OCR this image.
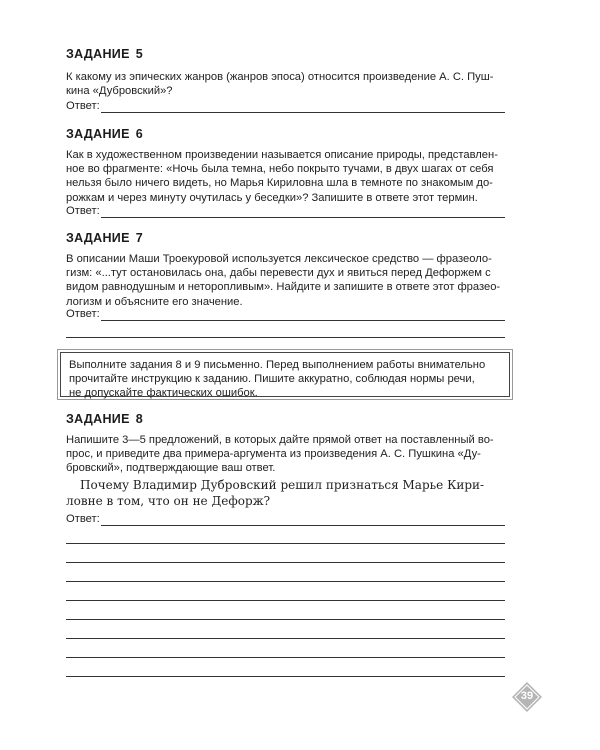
ЗАДАНИЕ 5
К какому из эпических жанров (жанров эпоса) относится произведение А. С. Пуш-
кина «Дубровский»?
Ответ:
ЗАДАНИЕ 6
Как в художественном произведении называется описание природы, представлен-
ное во фрагменте: «Ночь была темна, небо покрыто тучами, в двух шагах от себя
нельзя было ничего видеть, но Марья Кириловна шла в темноте по знакомым до-
рожкам и через минуту очутилась у беседки»? Запишите в ответе этот термин.
Ответ:
ЗАДАНИЕ 7
В описании Маши Троекуровой используется лексическое средство — фразеоло-
гизм: «...тут остановилась она, дабы перевести дух и явиться перед Дефоржем с
видом равнодушным и неторопливым». Найдите и запишите в ответе этот фразео-
логизм и объясните его значение.
Ответ:
Выполните задания 8 и 9 письменно. Перед выполнением работы внимательно
прочитайте инструкцию к заданию. Пишите аккуратно, соблюдая нормы речи,
не допускайте фактических ошибок.
ЗАДАНИЕ 8
Напишите 3—5 предложений, в которых дайте прямой ответ на поставленный во-
прос, и приведите два примера-аргумента из произведения А. С. Пушкина «Ду-
бровский», подтверждающие ваш ответ.
Почему Владимир Дубровский решил признаться Марье Кири-
ловне в том, что он не Дефорж?
Ответ:
39
